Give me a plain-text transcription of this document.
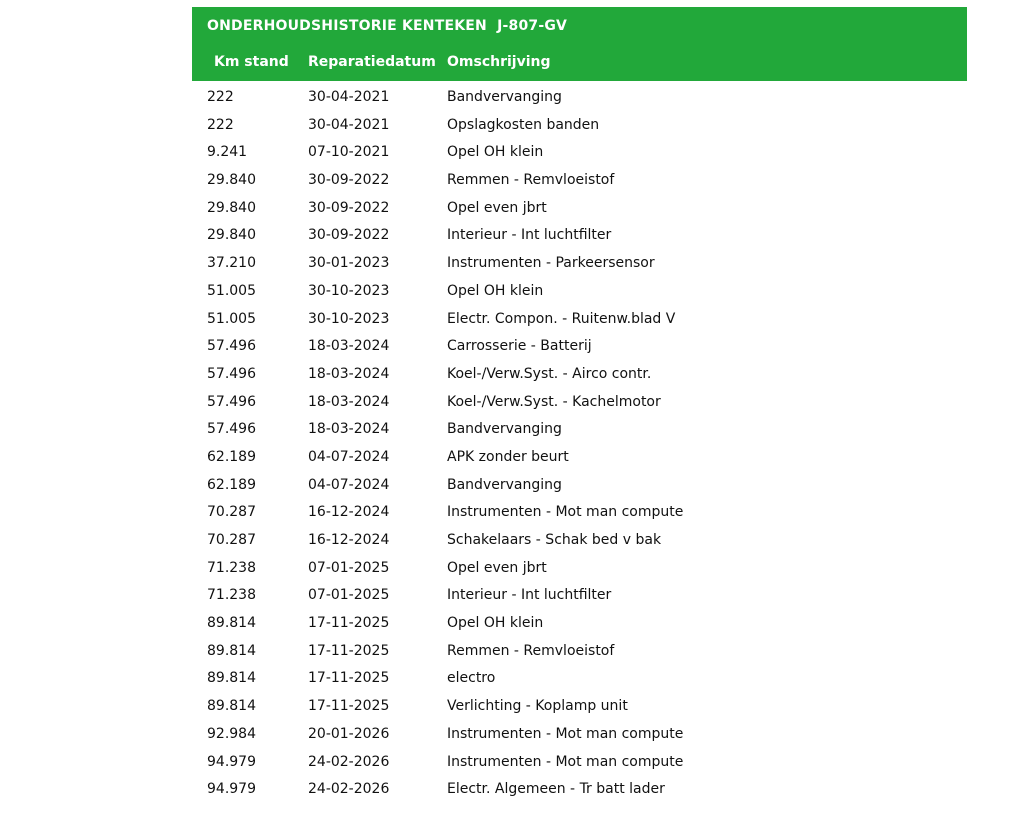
ONDERHOUDSHISTORIE KENTEKEN  J-807-GV
Km stand Reparatiedatum Omschrijving
222	30-04-2021	Bandvervanging
222	30-04-2021	Opslagkosten banden
9.241	07-10-2021	Opel OH klein
29.840	30-09-2022	Remmen - Remvloeistof
29.840	30-09-2022	Opel even jbrt
29.840	30-09-2022	Interieur - Int luchtfilter
37.210	30-01-2023	Instrumenten - Parkeersensor
51.005	30-10-2023	Opel OH klein
51.005	30-10-2023	Electr. Compon. - Ruitenw.blad V
57.496	18-03-2024	Carrosserie - Batterij
57.496	18-03-2024	Koel-/Verw.Syst. - Airco contr.
57.496	18-03-2024	Koel-/Verw.Syst. - Kachelmotor
57.496	18-03-2024	Bandvervanging
62.189	04-07-2024	APK zonder beurt
62.189	04-07-2024	Bandvervanging
70.287	16-12-2024	Instrumenten - Mot man compute
70.287	16-12-2024	Schakelaars - Schak bed v bak
71.238	07-01-2025	Opel even jbrt
71.238	07-01-2025	Interieur - Int luchtfilter
89.814	17-11-2025	Opel OH klein
89.814	17-11-2025	Remmen - Remvloeistof
89.814	17-11-2025	electro
89.814	17-11-2025	Verlichting - Koplamp unit
92.984	20-01-2026	Instrumenten - Mot man compute
94.979	24-02-2026	Instrumenten - Mot man compute
94.979	24-02-2026	Electr. Algemeen - Tr batt lader
